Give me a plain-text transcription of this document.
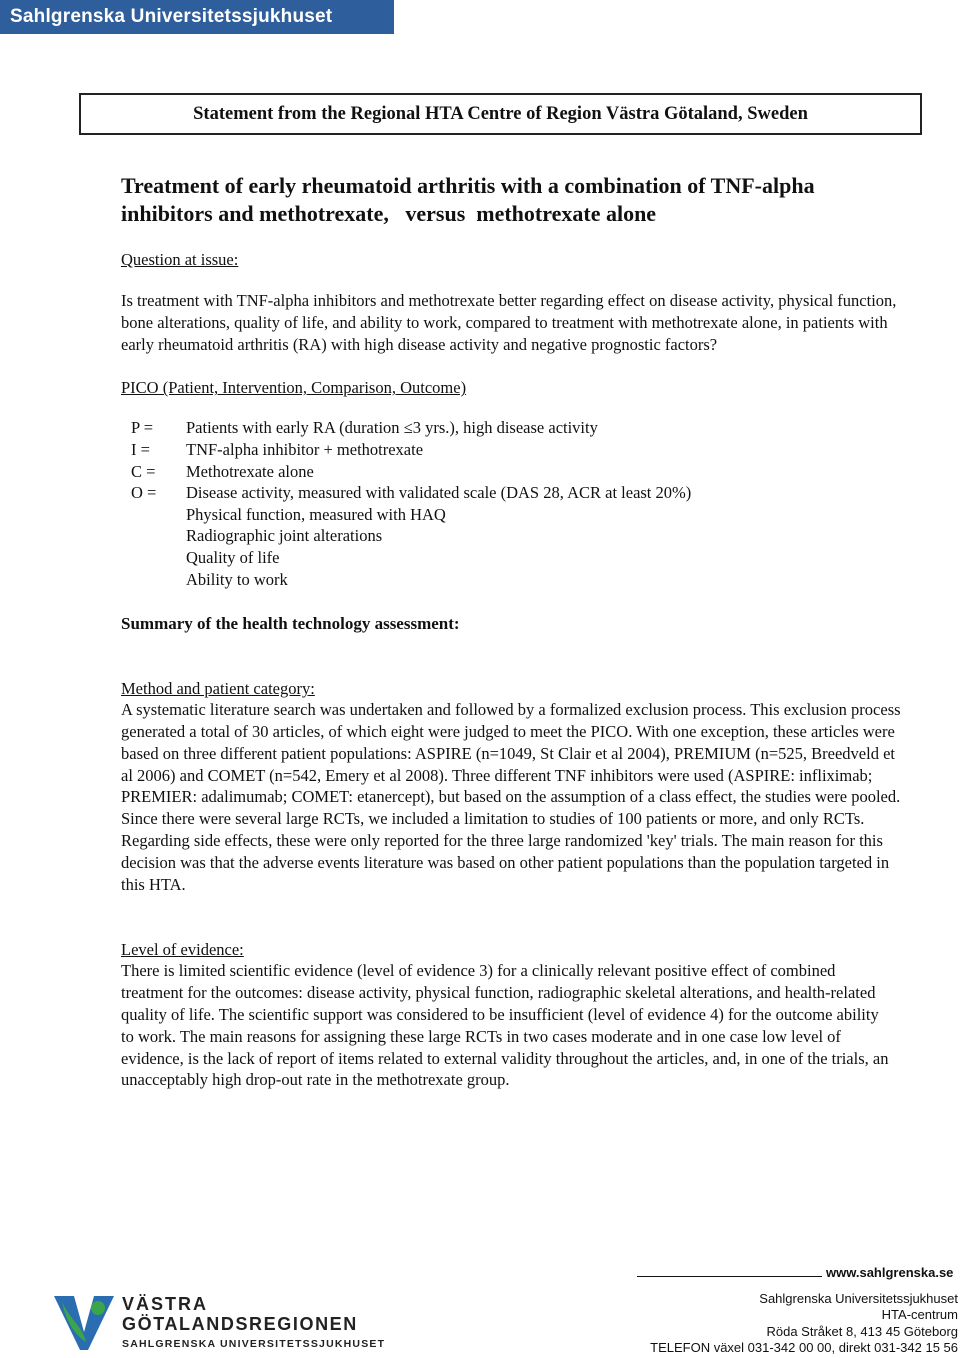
Sahlgrenska Universitetssjukhuset
Statement from the Regional HTA Centre of Region Västra Götaland, Sweden

Treatment of early rheumatoid arthritis with a combination of TNF-alpha

inhibitors and methotrexate,   versus  methotrexate alone

Question at issue:

Is treatment with TNF-alpha inhibitors and methotrexate better regarding effect on disease activity, physical function, bone alterations, quality of life, and ability to work, compared to treatment with methotrexate alone, in patients with early rheumatoid arthritis (RA) with high disease activity and negative prognostic factors?

PICO (Patient, Intervention, Comparison, Outcome)

P =	Patients with early RA (duration ≤3 yrs.), high disease activity
I =	TNF-alpha inhibitor + methotrexate
C =	Methotrexate alone
O =	Disease activity, measured with validated scale (DAS 28, ACR at least 20%)
Physical function, measured with HAQ
Radiographic joint alterations
Quality of life
Ability to work

Summary of the health technology assessment:

Method and patient category:

A systematic literature search was undertaken and followed by a formalized exclusion process. This exclusion process generated a total of 30 articles, of which eight were judged to meet the PICO. With one exception, these articles were based on three different patient populations: ASPIRE (n=1049, St Clair et al 2004), PREMIUM (n=525, Breedveld et al 2006) and COMET (n=542, Emery et al 2008). Three different TNF inhibitors were used (ASPIRE: infliximab; PREMIER: adalimumab; COMET: etanercept), but based on the assumption of a class effect, the studies were pooled. Since there were several large RCTs, we included a limitation to studies of 100 patients or more, and only RCTs. Regarding side effects, these were only reported for the three large randomized 'key' trials. The main reason for this decision was that the adverse events literature was based on other patient populations than the population targeted in this HTA.

Level of evidence:

There is limited scientific evidence (level of evidence 3) for a clinically relevant positive effect of combined treatment for the outcomes: disease activity, physical function, radiographic skeletal alterations, and health-related quality of life. The scientific support was considered to be insufficient (level of evidence 4) for the outcome ability to work. The main reasons for assigning these large RCTs in two cases moderate and in one case low level of evidence, is the lack of report of items related to external validity throughout the articles, and, in one of the trials, an unacceptably high drop-out rate in the methotrexate group.

www.sahlgrenska.se
VÄSTRA
GÖTALANDSREGIONEN
SAHLGRENSKA UNIVERSITETSSJUKHUSET
Sahlgrenska Universitetssjukhuset
HTA-centrum
Röda Stråket 8, 413 45 Göteborg
TELEFON växel 031-342 00 00, direkt 031-342 15 56
